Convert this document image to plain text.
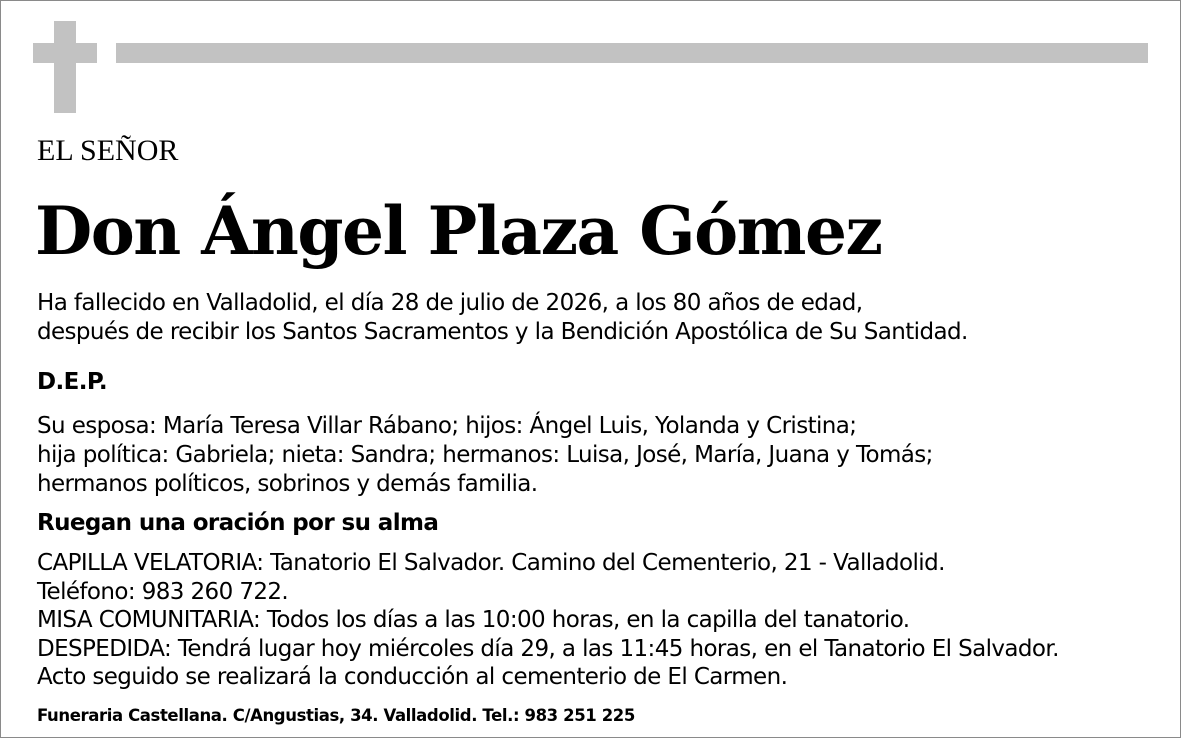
EL SEÑOR
Don Ángel Plaza Gómez
Ha fallecido en Valladolid, el día 28 de julio de 2026, a los 80 años de edad,
después de recibir los Santos Sacramentos y la Bendición Apostólica de Su Santidad.
D.E.P.
Su esposa: María Teresa Villar Rábano; hijos: Ángel Luis, Yolanda y Cristina;
hija política: Gabriela; nieta: Sandra; hermanos: Luisa, José, María, Juana y Tomás;
hermanos políticos, sobrinos y demás familia.
Ruegan una oración por su alma
CAPILLA VELATORIA: Tanatorio El Salvador. Camino del Cementerio, 21 - Valladolid.
Teléfono: 983 260 722.
MISA COMUNITARIA: Todos los días a las 10:00 horas, en la capilla del tanatorio.
DESPEDIDA: Tendrá lugar hoy miércoles día 29, a las 11:45 horas, en el Tanatorio El Salvador.
Acto seguido se realizará la conducción al cementerio de El Carmen.
Funeraria Castellana. C/Angustias, 34. Valladolid. Tel.: 983 251 225
